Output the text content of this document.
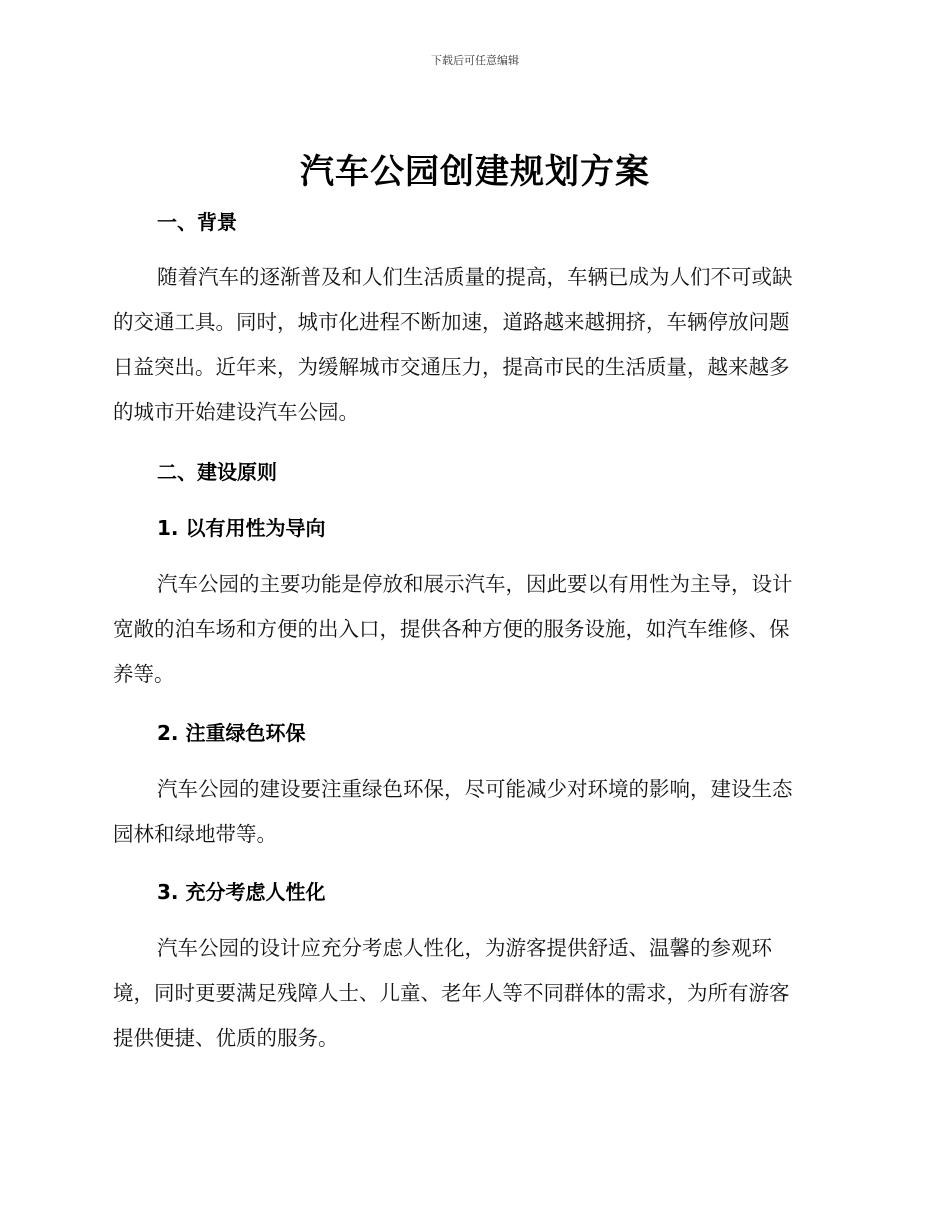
下载后可任意编辑
汽车公园创建规划方案
一、背景
随着汽车的逐渐普及和人们生活质量的提高，车辆已成为人们不可或缺
的交通工具。同时，城市化进程不断加速，道路越来越拥挤，车辆停放问题
日益突出。近年来，为缓解城市交通压力，提高市民的生活质量，越来越多
的城市开始建设汽车公园。
二、建设原则
1. 以有用性为导向
汽车公园的主要功能是停放和展示汽车，因此要以有用性为主导，设计
宽敞的泊车场和方便的出入口，提供各种方便的服务设施，如汽车维修、保
养等。
2. 注重绿色环保
汽车公园的建设要注重绿色环保，尽可能减少对环境的影响，建设生态
园林和绿地带等。
3. 充分考虑人性化
汽车公园的设计应充分考虑人性化，为游客提供舒适、温馨的参观环
境，同时更要满足残障人士、儿童、老年人等不同群体的需求，为所有游客
提供便捷、优质的服务。
